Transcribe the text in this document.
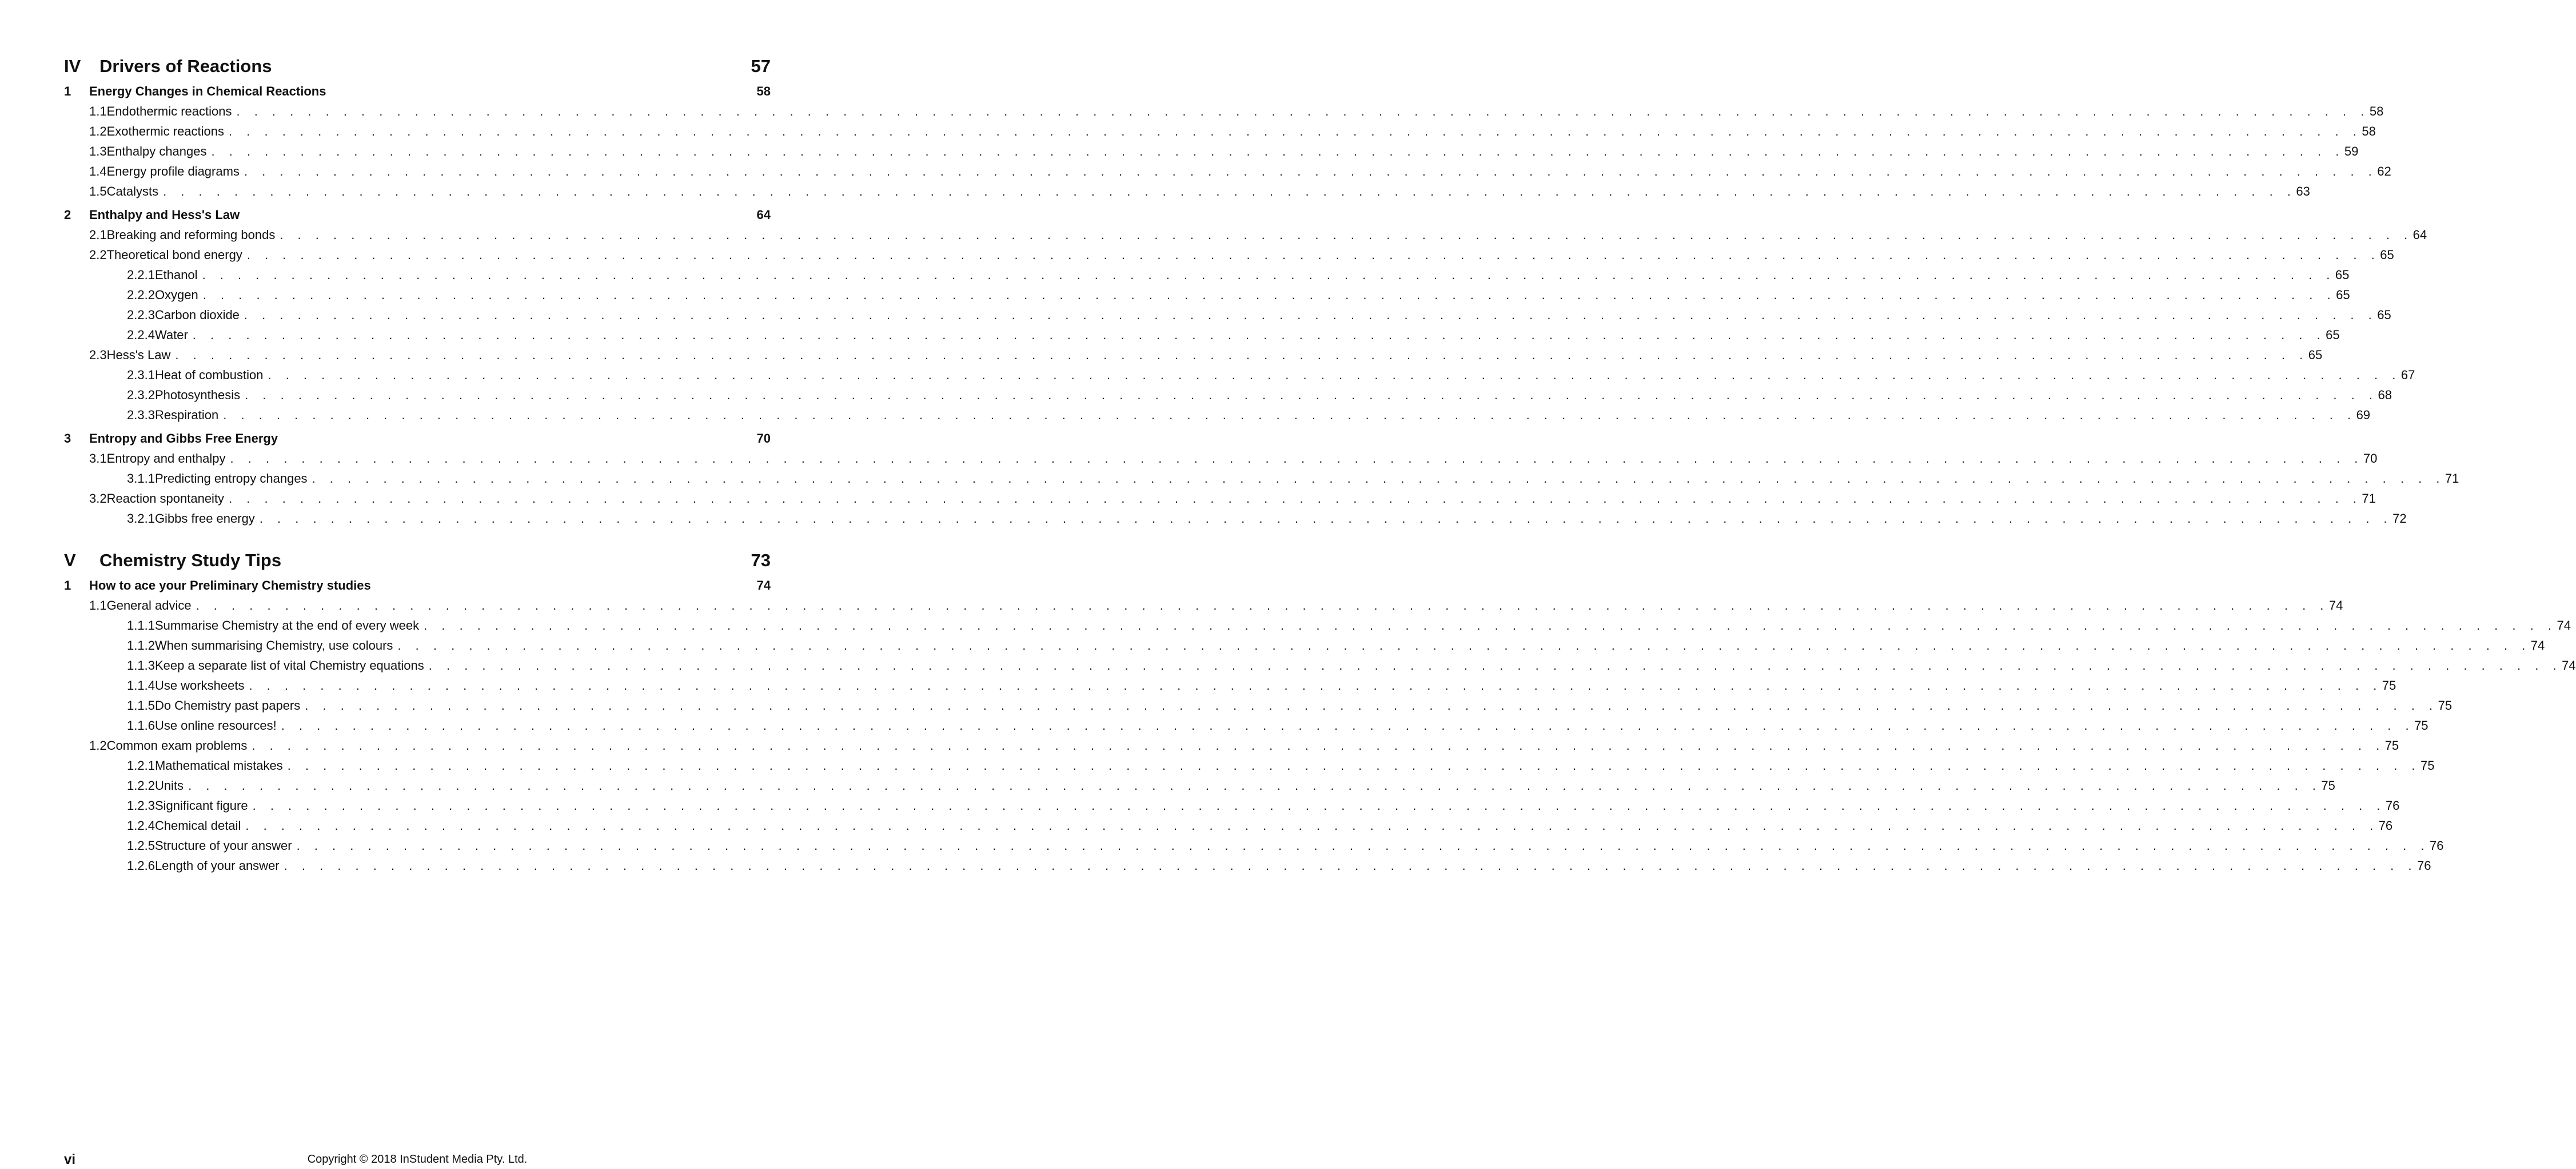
IV	Drivers of Reactions	57
1	Energy Changes in Chemical Reactions	58
1.1 Endothermic reactions . . . . . . . . . . . . . . . . . . . . . . . . . . . . . . . . . . . . . . . . . . . . . . . . . . . . . . . . . . . . . . . . . . . . . . . . . . . . . . . . . . . . . . . . . . . . . . . . . . . . . . . . . . . . . . . . . . . . . . . . 58
1.2 Exothermic reactions . . . . . . . . . . . . . . . . . . . . . . . . . . . . . . . . . . . . . . . . . . . . . . . . . . . . . . . . . . . . . . . . . . . . . . . . . . . . . . . . . . . . . . . . . . . . . . . . . . . . . . . . . . . . . . . . . . . . . . . . 58
1.3 Enthalpy changes . . . . . . . . . . . . . . . . . . . . . . . . . . . . . . . . . . . . . . . . . . . . . . . . . . . . . . . . . . . . . . . . . . . . . . . . . . . . . . . . . . . . . . . . . . . . . . . . . . . . . . . . . . . . . . . . . . . . . . . . 59
1.4 Energy profile diagrams . . . . . . . . . . . . . . . . . . . . . . . . . . . . . . . . . . . . . . . . . . . . . . . . . . . . . . . . . . . . . . . . . . . . . . . . . . . . . . . . . . . . . . . . . . . . . . . . . . . . . . . . . . . . . . . . . . . . . . . . 62
1.5 Catalysts . . . . . . . . . . . . . . . . . . . . . . . . . . . . . . . . . . . . . . . . . . . . . . . . . . . . . . . . . . . . . . . . . . . . . . . . . . . . . . . . . . . . . . . . . . . . . . . . . . . . . . . . . . . . . . . . . . . . . . . . 63
2	Enthalpy and Hess's Law	64
2.1 Breaking and reforming bonds . . . . . . . . . . . . . . . . . . . . . . . . . . . . . . . . . . . . . . . . . . . . . . . . . . . . . . . . . . . . . . . . . . . . . . . . . . . . . . . . . . . . . . . . . . . . . . . . . . . . . . . . . . . . . . . . . . . . . . . . 64
2.2 Theoretical bond energy . . . . . . . . . . . . . . . . . . . . . . . . . . . . . . . . . . . . . . . . . . . . . . . . . . . . . . . . . . . . . . . . . . . . . . . . . . . . . . . . . . . . . . . . . . . . . . . . . . . . . . . . . . . . . . . . . . . . . . . . 65
2.2.1 Ethanol . . . . . . . . . . . . . . . . . . . . . . . . . . . . . . . . . . . . . . . . . . . . . . . . . . . . . . . . . . . . . . . . . . . . . . . . . . . . . . . . . . . . . . . . . . . . . . . . . . . . . . . . . . . . . . . . . . . . . . . . 65
2.2.2 Oxygen . . . . . . . . . . . . . . . . . . . . . . . . . . . . . . . . . . . . . . . . . . . . . . . . . . . . . . . . . . . . . . . . . . . . . . . . . . . . . . . . . . . . . . . . . . . . . . . . . . . . . . . . . . . . . . . . . . . . . . . . 65
2.2.3 Carbon dioxide . . . . . . . . . . . . . . . . . . . . . . . . . . . . . . . . . . . . . . . . . . . . . . . . . . . . . . . . . . . . . . . . . . . . . . . . . . . . . . . . . . . . . . . . . . . . . . . . . . . . . . . . . . . . . . . . . . . . . . . . 65
2.2.4 Water . . . . . . . . . . . . . . . . . . . . . . . . . . . . . . . . . . . . . . . . . . . . . . . . . . . . . . . . . . . . . . . . . . . . . . . . . . . . . . . . . . . . . . . . . . . . . . . . . . . . . . . . . . . . . . . . . . . . . . . . 65
2.3 Hess's Law . . . . . . . . . . . . . . . . . . . . . . . . . . . . . . . . . . . . . . . . . . . . . . . . . . . . . . . . . . . . . . . . . . . . . . . . . . . . . . . . . . . . . . . . . . . . . . . . . . . . . . . . . . . . . . . . . . . . . . . . 65
2.3.1 Heat of combustion . . . . . . . . . . . . . . . . . . . . . . . . . . . . . . . . . . . . . . . . . . . . . . . . . . . . . . . . . . . . . . . . . . . . . . . . . . . . . . . . . . . . . . . . . . . . . . . . . . . . . . . . . . . . . . . . . . . . . . . . 67
2.3.2 Photosynthesis . . . . . . . . . . . . . . . . . . . . . . . . . . . . . . . . . . . . . . . . . . . . . . . . . . . . . . . . . . . . . . . . . . . . . . . . . . . . . . . . . . . . . . . . . . . . . . . . . . . . . . . . . . . . . . . . . . . . . . . . 68
2.3.3 Respiration . . . . . . . . . . . . . . . . . . . . . . . . . . . . . . . . . . . . . . . . . . . . . . . . . . . . . . . . . . . . . . . . . . . . . . . . . . . . . . . . . . . . . . . . . . . . . . . . . . . . . . . . . . . . . . . . . . . . . . . . 69
3	Entropy and Gibbs Free Energy	70
3.1 Entropy and enthalpy . . . . . . . . . . . . . . . . . . . . . . . . . . . . . . . . . . . . . . . . . . . . . . . . . . . . . . . . . . . . . . . . . . . . . . . . . . . . . . . . . . . . . . . . . . . . . . . . . . . . . . . . . . . . . . . . . . . . . . . . 70
3.1.1 Predicting entropy changes . . . . . . . . . . . . . . . . . . . . . . . . . . . . . . . . . . . . . . . . . . . . . . . . . . . . . . . . . . . . . . . . . . . . . . . . . . . . . . . . . . . . . . . . . . . . . . . . . . . . . . . . . . . . . . . . . . . . . . . . 71
3.2 Reaction spontaneity . . . . . . . . . . . . . . . . . . . . . . . . . . . . . . . . . . . . . . . . . . . . . . . . . . . . . . . . . . . . . . . . . . . . . . . . . . . . . . . . . . . . . . . . . . . . . . . . . . . . . . . . . . . . . . . . . . . . . . . . 71
3.2.1 Gibbs free energy . . . . . . . . . . . . . . . . . . . . . . . . . . . . . . . . . . . . . . . . . . . . . . . . . . . . . . . . . . . . . . . . . . . . . . . . . . . . . . . . . . . . . . . . . . . . . . . . . . . . . . . . . . . . . . . . . . . . . . . . 72
V	Chemistry Study Tips	73
1	How to ace your Preliminary Chemistry studies	74
1.1 General advice . . . . . . . . . . . . . . . . . . . . . . . . . . . . . . . . . . . . . . . . . . . . . . . . . . . . . . . . . . . . . . . . . . . . . . . . . . . . . . . . . . . . . . . . . . . . . . . . . . . . . . . . . . . . . . . . . . . . . . . . 74
1.1.1 Summarise Chemistry at the end of every week . . . . . . . . . . . . . . . . . . . . . . . . . . . . . . . . . . . . . . . . . . . . . . . . . . . . . . . . . . . . . . . . . . . . . . . . . . . . . . . . . . . . . . . . . . . . . . . . . . . . . . . . . . . . . . . . . . . . . . . . 74
1.1.2 When summarising Chemistry, use colours . . . . . . . . . . . . . . . . . . . . . . . . . . . . . . . . . . . . . . . . . . . . . . . . . . . . . . . . . . . . . . . . . . . . . . . . . . . . . . . . . . . . . . . . . . . . . . . . . . . . . . . . . . . . . . . . . . . . . . . . 74
1.1.3 Keep a separate list of vital Chemistry equations . . . . . . . . . . . . . . . . . . . . . . . . . . . . . . . . . . . . . . . . . . . . . . . . . . . . . . . . . . . . . . . . . . . . . . . . . . . . . . . . . . . . . . . . . . . . . . . . . . . . . . . . . . . . . . . . . . . . . . . . 74
1.1.4 Use worksheets . . . . . . . . . . . . . . . . . . . . . . . . . . . . . . . . . . . . . . . . . . . . . . . . . . . . . . . . . . . . . . . . . . . . . . . . . . . . . . . . . . . . . . . . . . . . . . . . . . . . . . . . . . . . . . . . . . . . . . . . 75
1.1.5 Do Chemistry past papers . . . . . . . . . . . . . . . . . . . . . . . . . . . . . . . . . . . . . . . . . . . . . . . . . . . . . . . . . . . . . . . . . . . . . . . . . . . . . . . . . . . . . . . . . . . . . . . . . . . . . . . . . . . . . . . . . . . . . . . . 75
1.1.6 Use online resources! . . . . . . . . . . . . . . . . . . . . . . . . . . . . . . . . . . . . . . . . . . . . . . . . . . . . . . . . . . . . . . . . . . . . . . . . . . . . . . . . . . . . . . . . . . . . . . . . . . . . . . . . . . . . . . . . . . . . . . . . 75
1.2 Common exam problems . . . . . . . . . . . . . . . . . . . . . . . . . . . . . . . . . . . . . . . . . . . . . . . . . . . . . . . . . . . . . . . . . . . . . . . . . . . . . . . . . . . . . . . . . . . . . . . . . . . . . . . . . . . . . . . . . . . . . . . . 75
1.2.1 Mathematical mistakes . . . . . . . . . . . . . . . . . . . . . . . . . . . . . . . . . . . . . . . . . . . . . . . . . . . . . . . . . . . . . . . . . . . . . . . . . . . . . . . . . . . . . . . . . . . . . . . . . . . . . . . . . . . . . . . . . . . . . . . . 75
1.2.2 Units . . . . . . . . . . . . . . . . . . . . . . . . . . . . . . . . . . . . . . . . . . . . . . . . . . . . . . . . . . . . . . . . . . . . . . . . . . . . . . . . . . . . . . . . . . . . . . . . . . . . . . . . . . . . . . . . . . . . . . . . 75
1.2.3 Significant figure . . . . . . . . . . . . . . . . . . . . . . . . . . . . . . . . . . . . . . . . . . . . . . . . . . . . . . . . . . . . . . . . . . . . . . . . . . . . . . . . . . . . . . . . . . . . . . . . . . . . . . . . . . . . . . . . . . . . . . . . 76
1.2.4 Chemical detail . . . . . . . . . . . . . . . . . . . . . . . . . . . . . . . . . . . . . . . . . . . . . . . . . . . . . . . . . . . . . . . . . . . . . . . . . . . . . . . . . . . . . . . . . . . . . . . . . . . . . . . . . . . . . . . . . . . . . . . . 76
1.2.5 Structure of your answer . . . . . . . . . . . . . . . . . . . . . . . . . . . . . . . . . . . . . . . . . . . . . . . . . . . . . . . . . . . . . . . . . . . . . . . . . . . . . . . . . . . . . . . . . . . . . . . . . . . . . . . . . . . . . . . . . . . . . . . . 76
1.2.6 Length of your answer . . . . . . . . . . . . . . . . . . . . . . . . . . . . . . . . . . . . . . . . . . . . . . . . . . . . . . . . . . . . . . . . . . . . . . . . . . . . . . . . . . . . . . . . . . . . . . . . . . . . . . . . . . . . . . . . . . . . . . . . 76
vi	Copyright © 2018 InStudent Media Pty. Ltd.
